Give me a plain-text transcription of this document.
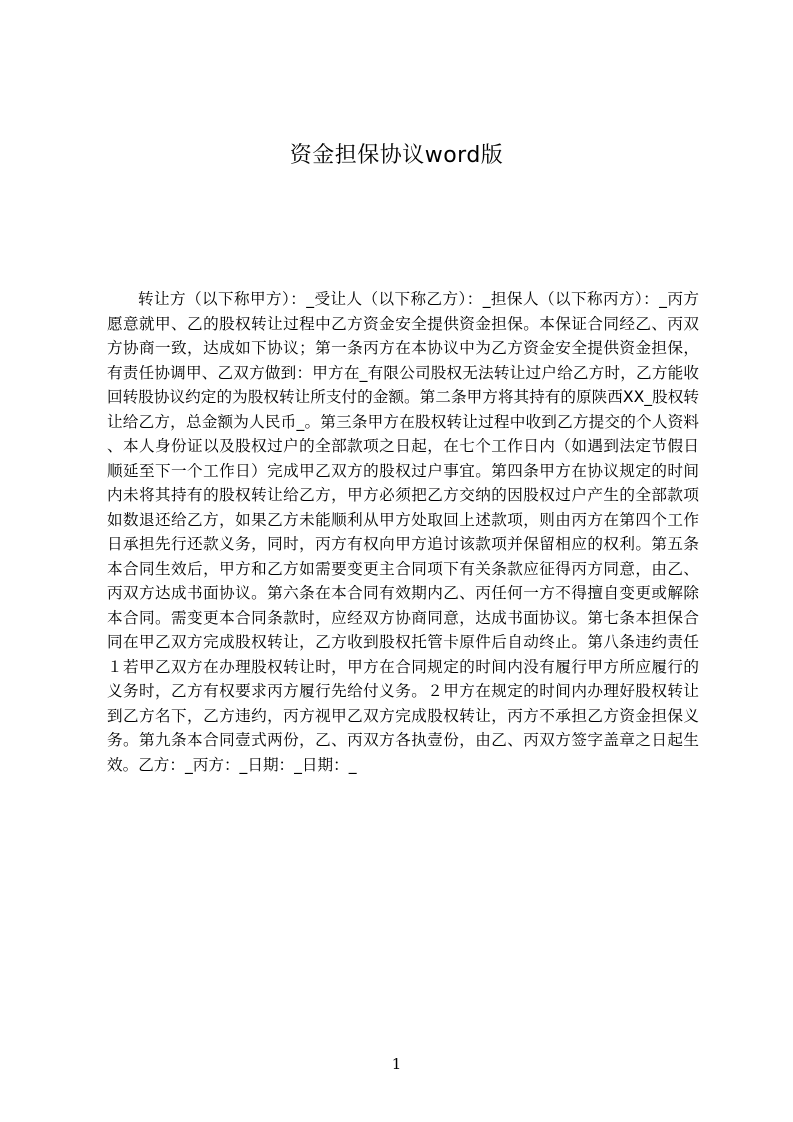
资金担保协议word版

转让方（以下称甲方）：_受让人（以下称乙方）：_担保人（以下称丙方）：_丙方愿意就甲、乙的股权转让过程中乙方资金安全提供资金担保。本保证合同经乙、丙双方协商一致，达成如下协议；第一条丙方在本协议中为乙方资金安全提供资金担保，有责任协调甲、乙双方做到：甲方在_有限公司股权无法转让过户给乙方时，乙方能收回转股协议约定的为股权转让所支付的金额。第二条甲方将其持有的原陕西XX_股权转让给乙方，总金额为人民币_。第三条甲方在股权转让过程中收到乙方提交的个人资料、本人身份证以及股权过户的全部款项之日起，在七个工作日内（如遇到法定节假日顺延至下一个工作日）完成甲乙双方的股权过户事宜。第四条甲方在协议规定的时间内未将其持有的股权转让给乙方，甲方必须把乙方交纳的因股权过户产生的全部款项如数退还给乙方，如果乙方未能顺利从甲方处取回上述款项，则由丙方在第四个工作日承担先行还款义务，同时，丙方有权向甲方追讨该款项并保留相应的权利。第五条本合同生效后，甲方和乙方如需要变更主合同项下有关条款应征得丙方同意，由乙、丙双方达成书面协议。第六条在本合同有效期内乙、丙任何一方不得擅自变更或解除本合同。需变更本合同条款时，应经双方协商同意，达成书面协议。第七条本担保合同在甲乙双方完成股权转让，乙方收到股权托管卡原件后自动终止。第八条违约责任１若甲乙双方在办理股权转让时，甲方在合同规定的时间内没有履行甲方所应履行的义务时，乙方有权要求丙方履行先给付义务。２甲方在规定的时间内办理好股权转让到乙方名下，乙方违约，丙方视甲乙双方完成股权转让，丙方不承担乙方资金担保义务。第九条本合同壹式两份，乙、丙双方各执壹份，由乙、丙双方签字盖章之日起生效。乙方：_丙方：_日期：_日期：_

1
